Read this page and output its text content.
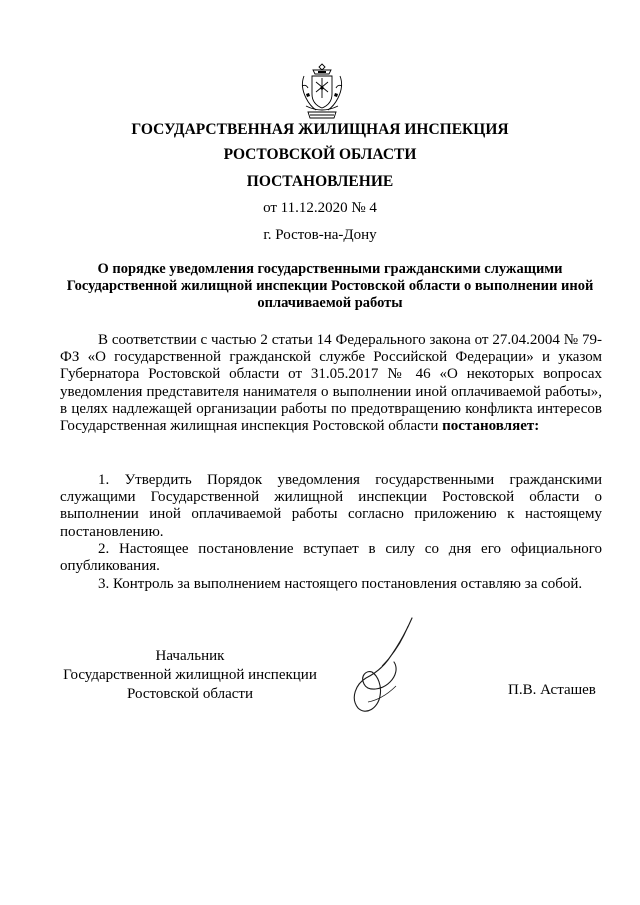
ГОСУДАРСТВЕННАЯ ЖИЛИЩНАЯ ИНСПЕКЦИЯ
РОСТОВСКОЙ ОБЛАСТИ
ПОСТАНОВЛЕНИЕ
от 11.12.2020 № 4
г. Ростов-на-Дону
О порядке уведомления государственными гражданскими служащими Государственной жилищной инспекции Ростовской области о выполнении иной оплачиваемой работы
В соответствии с частью 2 статьи 14 Федерального закона от 27.04.2004 № 79-ФЗ «О государственной гражданской службе Российской Федерации» и указом Губернатора Ростовской области от 31.05.2017 № 46 «О некоторых вопросах уведомления представителя нанимателя о выполнении иной оплачиваемой работы», в целях надлежащей организации работы по предотвращению конфликта интересов Государственная жилищная инспекция Ростовской области постановляет:
1. Утвердить Порядок уведомления государственными гражданскими служащими Государственной жилищной инспекции Ростовской области о выполнении иной оплачиваемой работы согласно приложению к настоящему постановлению.
2. Настоящее постановление вступает в силу со дня его официального опубликования.
3. Контроль за выполнением настоящего постановления оставляю за собой.
Начальник
Государственной жилищной инспекции
Ростовской области	П.В. Асташев
